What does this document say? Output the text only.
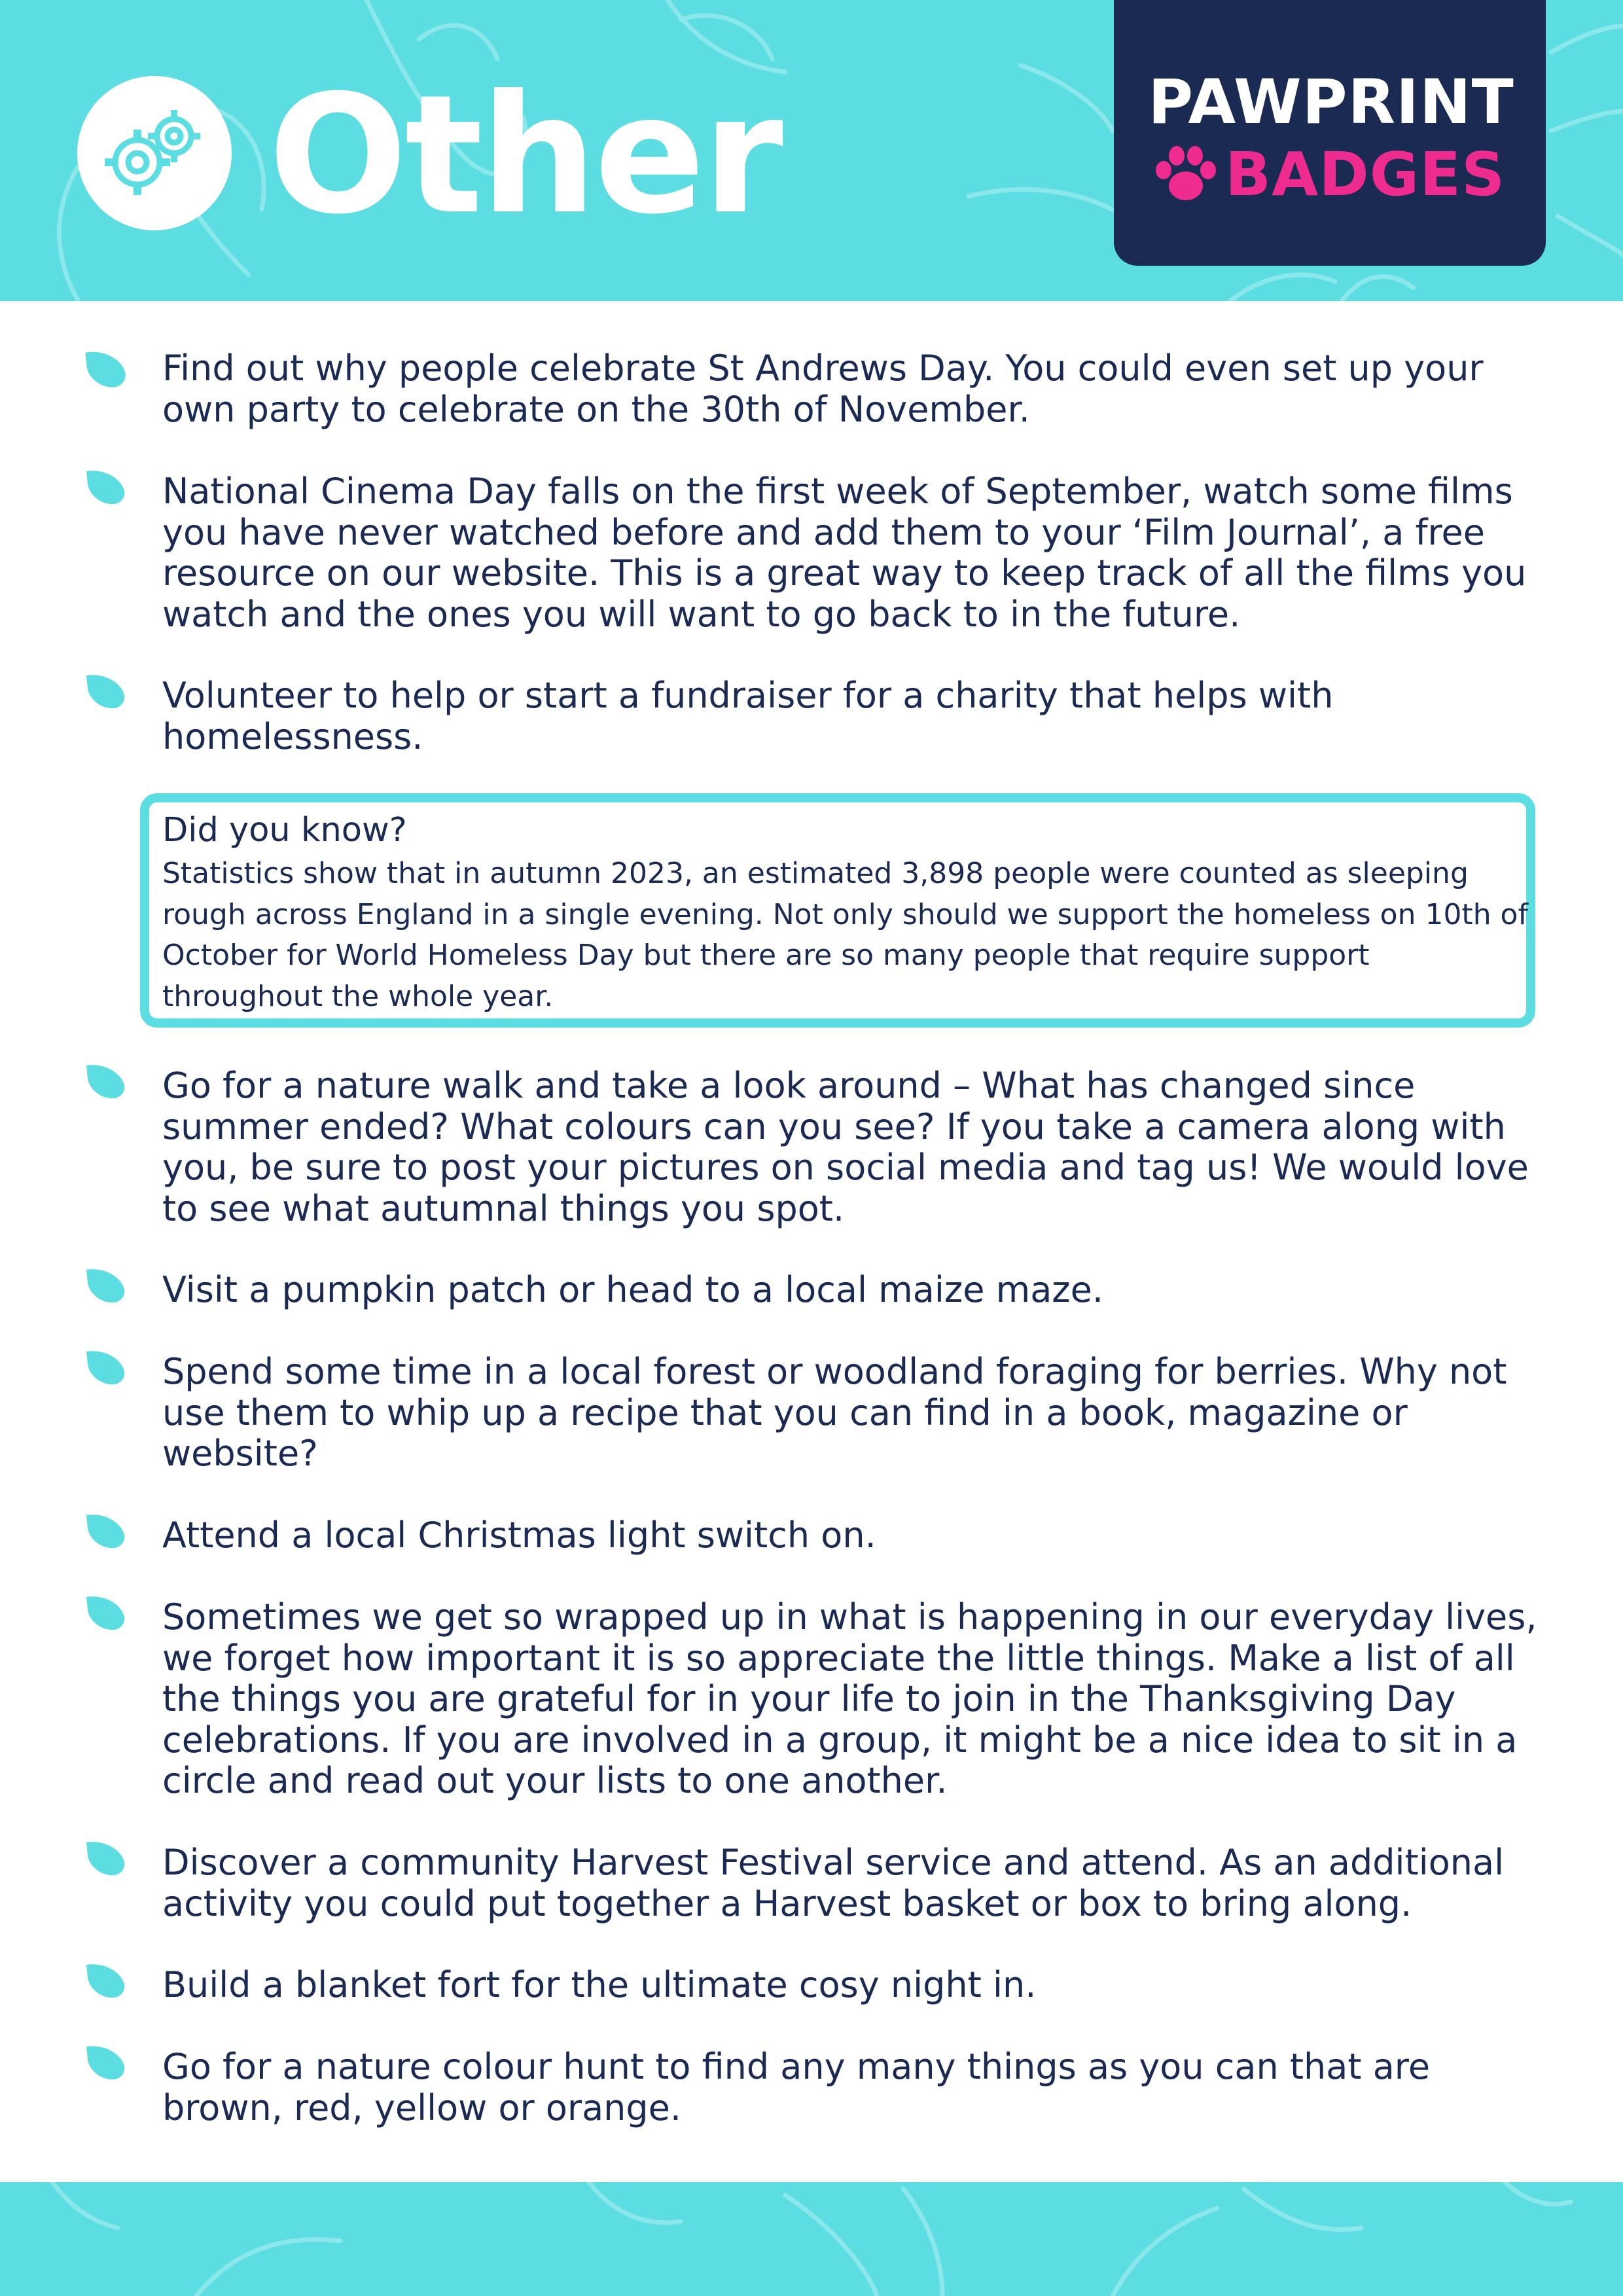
Other	PAWPRINT
BADGES

Find out why people celebrate St Andrews Day. You could even set up your own party to celebrate on the 30th of November.

National Cinema Day falls on the first week of September, watch some films you have never watched before and add them to your ‘Film Journal’, a free resource on our website. This is a great way to keep track of all the films you watch and the ones you will want to go back to in the future.

Volunteer to help or start a fundraiser for a charity that helps with homelessness.

Did you know?

Statistics show that in autumn 2023, an estimated 3,898 people were counted as sleeping rough across England in a single evening. Not only should we support the homeless on 10th of October for World Homeless Day but there are so many people that require support throughout the whole year.

Go for a nature walk and take a look around – What has changed since summer ended? What colours can you see? If you take a camera along with you, be sure to post your pictures on social media and tag us! We would love to see what autumnal things you spot.

Visit a pumpkin patch or head to a local maize maze.

Spend some time in a local forest or woodland foraging for berries. Why not use them to whip up a recipe that you can find in a book, magazine or website?

Attend a local Christmas light switch on.

Sometimes we get so wrapped up in what is happening in our everyday lives, we forget how important it is so appreciate the little things. Make a list of all the things you are grateful for in your life to join in the Thanksgiving Day celebrations. If you are involved in a group, it might be a nice idea to sit in a circle and read out your lists to one another.

Discover a community Harvest Festival service and attend. As an additional activity you could put together a Harvest basket or box to bring along.

Build a blanket fort for the ultimate cosy night in.

Go for a nature colour hunt to find any many things as you can that are brown, red, yellow or orange.
